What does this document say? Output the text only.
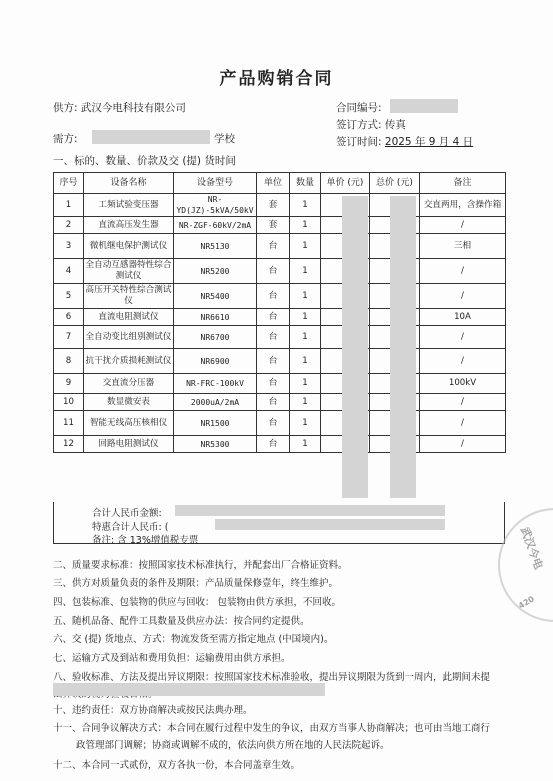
产品购销合同
供方: 武汉今电科技有限公司	合同编号:
签订方式: 传真
需方:	学校	签订时间: 2025 年 9 月 4 日
一、标的、数量、价款及交 (提) 货时间
序号	设备名称	设备型号	单位	数量	单价 (元)	总价 (元)	备注
1	工频试验变压器	NR-YD(JZ)-5kVA/50kV	套	1			交直两用，含操作箱
2	直流高压发生器	NR-ZGF-60kV/2mA	套	1			/
3	微机继电保护测试仪	NR5130	台	1			三相
4	全自动互感器特性综合测试仪	NR5200	台	1			/
5	高压开关特性综合测试仪	NR5400	台	1			/
6	直流电阻测试仪	NR6610	台	1			10A
7	全自动变比组别测试仪	NR6700	台	1			/
8	抗干扰介质损耗测试仪	NR6900	台	1			/
9	交直流分压器	NR-FRC-100kV	台	1			100kV
10	数显微安表	2000uA/2mA	台	1			/
11	智能无线高压核相仪	NR1500	台	1			/
12	回路电阻测试仪	NR5300	台	1			/
合计人民币金额:
特惠合计人民币: (
备注: 含 13%增值税专票
二、质量要求标准：按照国家技术标准执行，并配套出厂合格证资料。
三、供方对质量负责的条件及期限：产品质量保修壹年，终生维护。
四、包装标准、包装物的供应与回收： 包装物由供方承担，不回收。
五、随机品备、配件工具数量及供应办法：按合同约定提供。
六、交 (提) 货地点、方式：物流发货至需方指定地点 (中国境内)。
七、运输方式及到站和费用负担：运输费用由供方承担。
八、验收标准、方法及提出异议期限：按照国家技术标准验收，提出异议期限为货到一周内，此期间未提
十、违约责任：双方协商解决或按民法典办理。
十一、合同争议解决方式：本合同在履行过程中发生的争议，由双方当事人协商解决；也可由当地工商行
政管理部门调解；协商或调解不成的，依法向供方所在地的人民法院起诉。
十二、本合同一式贰份，双方各执一份，本合同盖章生效。
武汉今电
420
